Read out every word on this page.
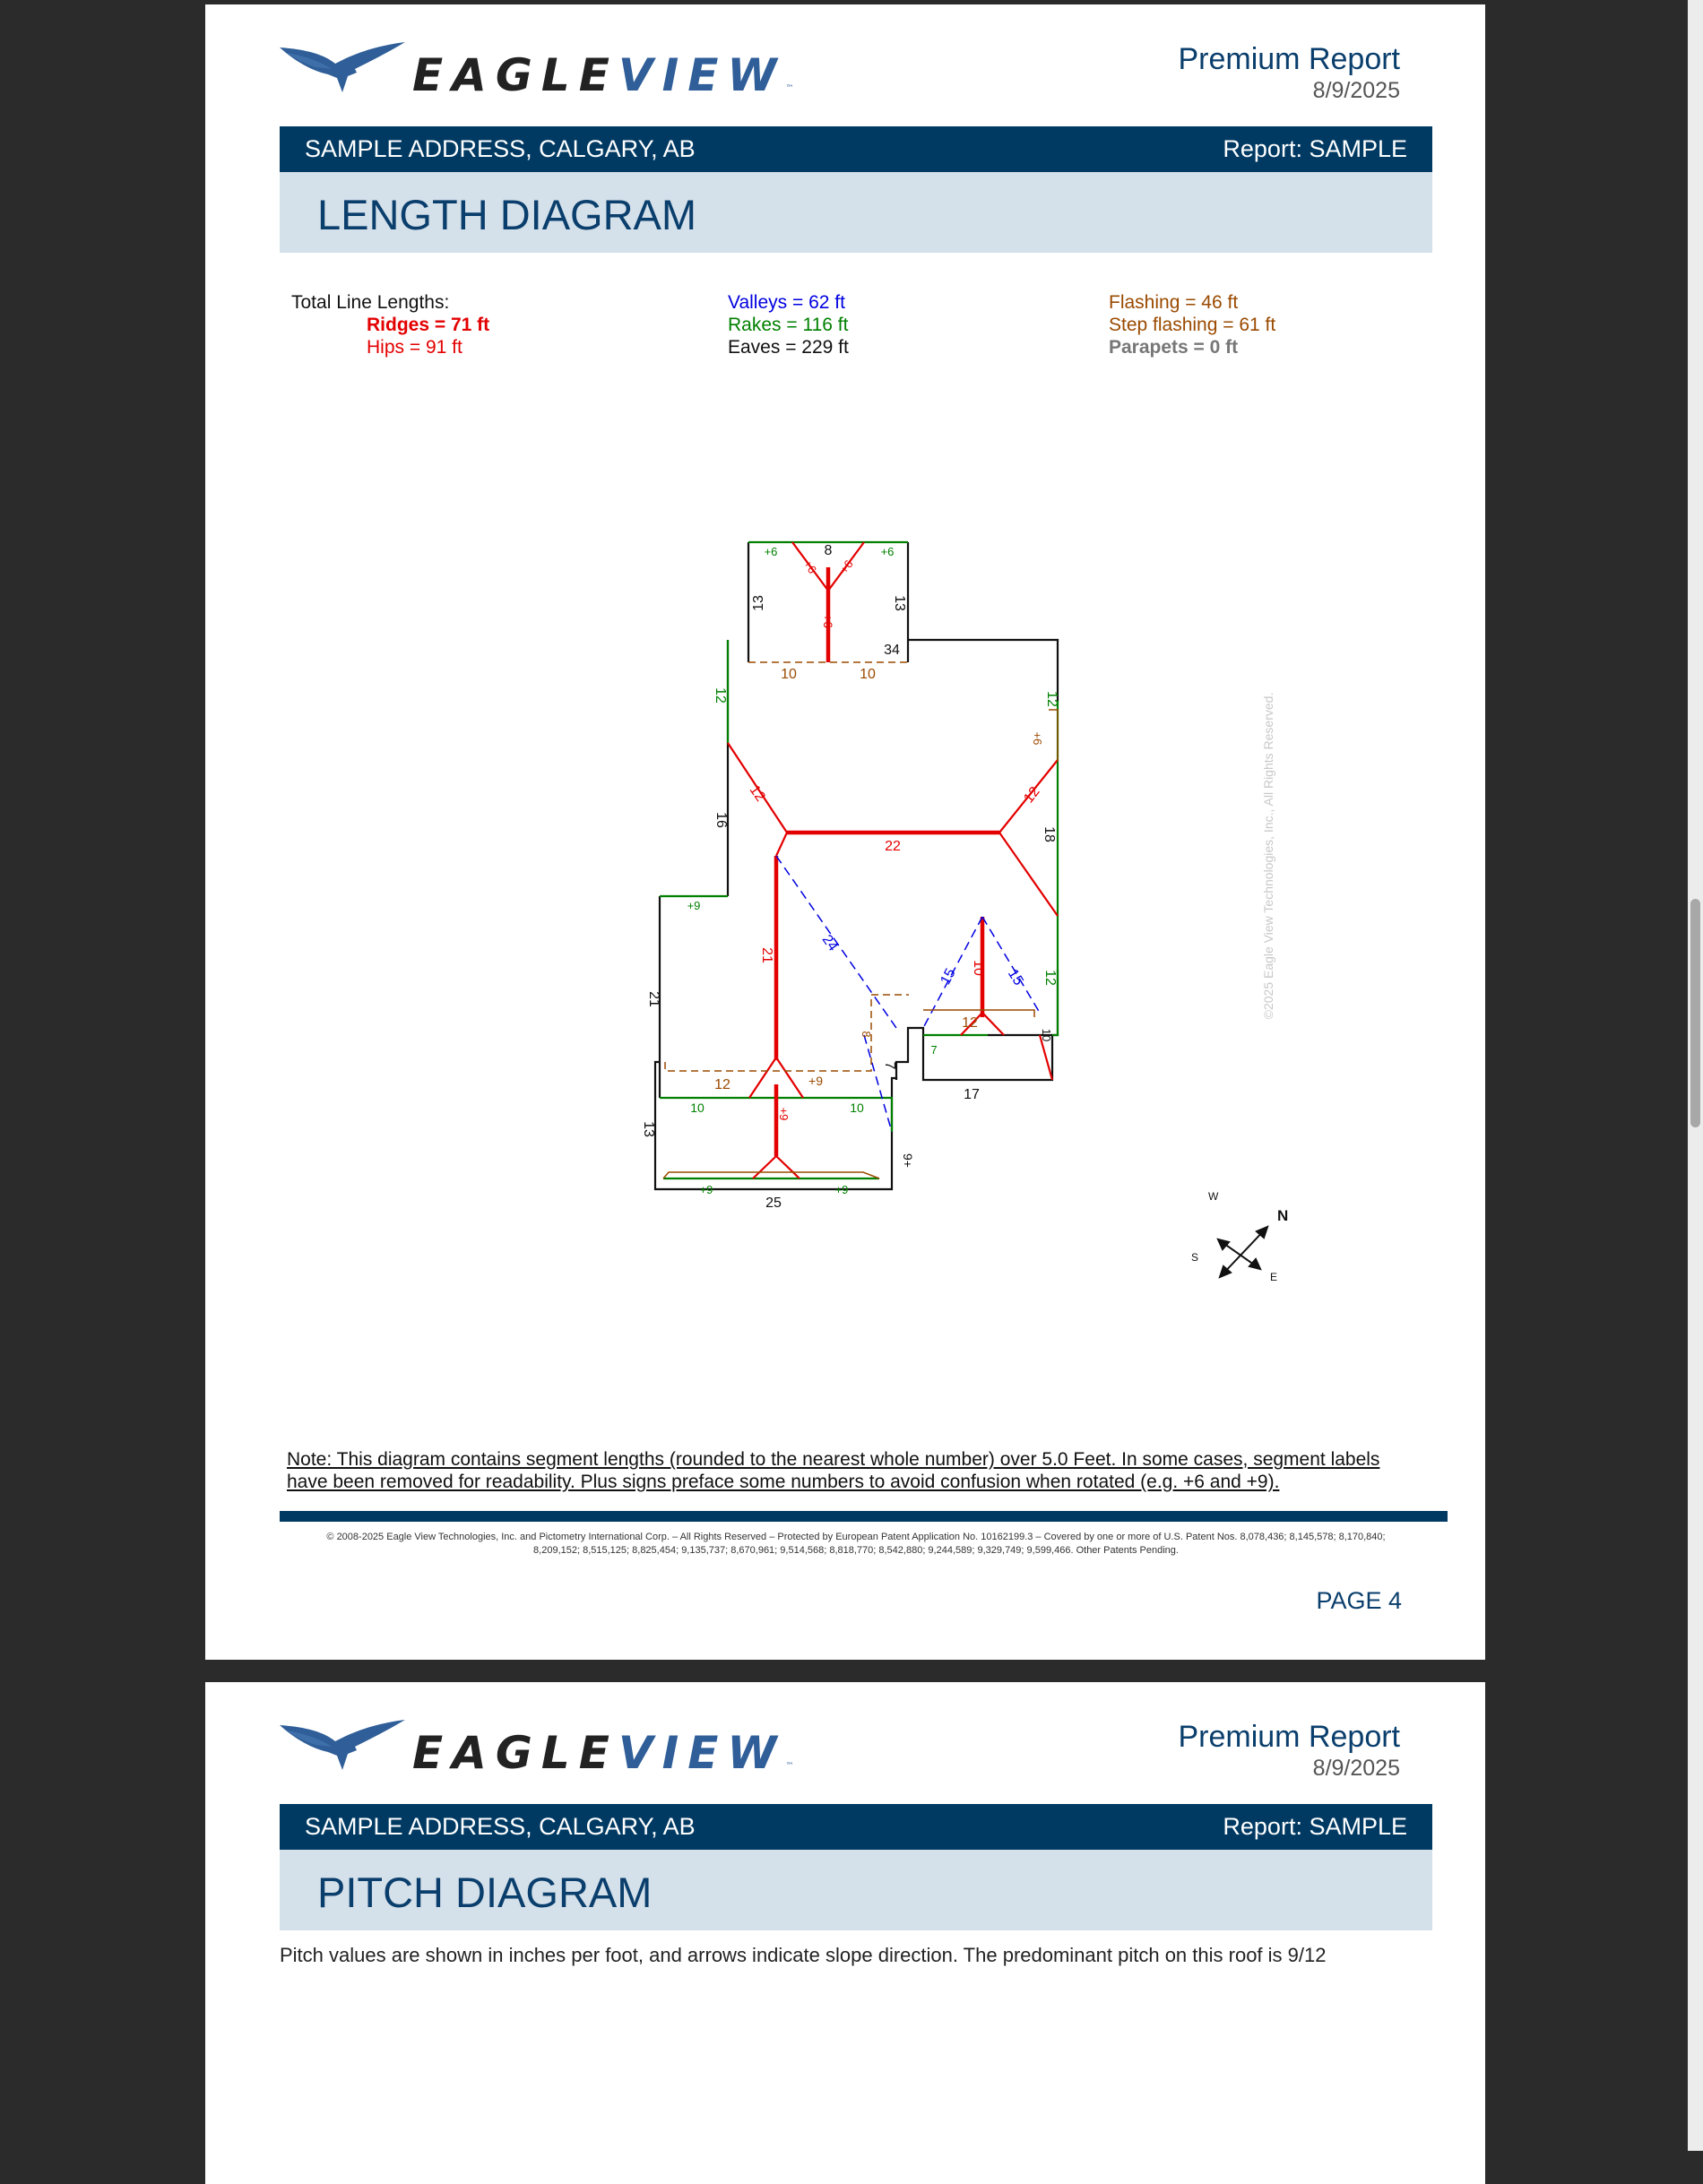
EAGLEVIEW™
Premium Report
8/9/2025
SAMPLE ADDRESS, CALGARY, AB	Report: SAMPLE
LENGTH DIAGRAM
Total Line Lengths:
Ridges = 71 ft
Hips = 91 ft
Valleys = 62 ft
Rakes = 116 ft
Eaves = 229 ft
Flashing = 46 ft
Step flashing = 61 ft
Parapets = 0 ft
+6	8	+6
+6 +6
+6
13	13
34
10	10
12	12
12
+6
16
22
18
12
+9
21
24
15 10 15 12
21
8
12
10
7
7
12	+9
17
10	10
+9
13
9+
+9
25
+9	W
N
S
E
©2025 Eagle View Technologies, Inc., All Rights Reserved.
Note: This diagram contains segment lengths (rounded to the nearest whole number) over 5.0 Feet. In some cases, segment labels have been removed for readability. Plus signs preface some numbers to avoid confusion when rotated (e.g. +6 and +9).
© 2008-2025 Eagle View Technologies, Inc. and Pictometry International Corp. – All Rights Reserved – Protected by European Patent Application No. 10162199.3 – Covered by one or more of U.S. Patent Nos. 8,078,436; 8,145,578; 8,170,840;
8,209,152; 8,515,125; 8,825,454; 9,135,737; 8,670,961; 9,514,568; 8,818,770; 8,542,880; 9,244,589; 9,329,749; 9,599,466. Other Patents Pending.
PAGE 4
EAGLEVIEW™
Premium Report
8/9/2025
SAMPLE ADDRESS, CALGARY, AB	Report: SAMPLE
PITCH DIAGRAM
Pitch values are shown in inches per foot, and arrows indicate slope direction. The predominant pitch on this roof is 9/12
